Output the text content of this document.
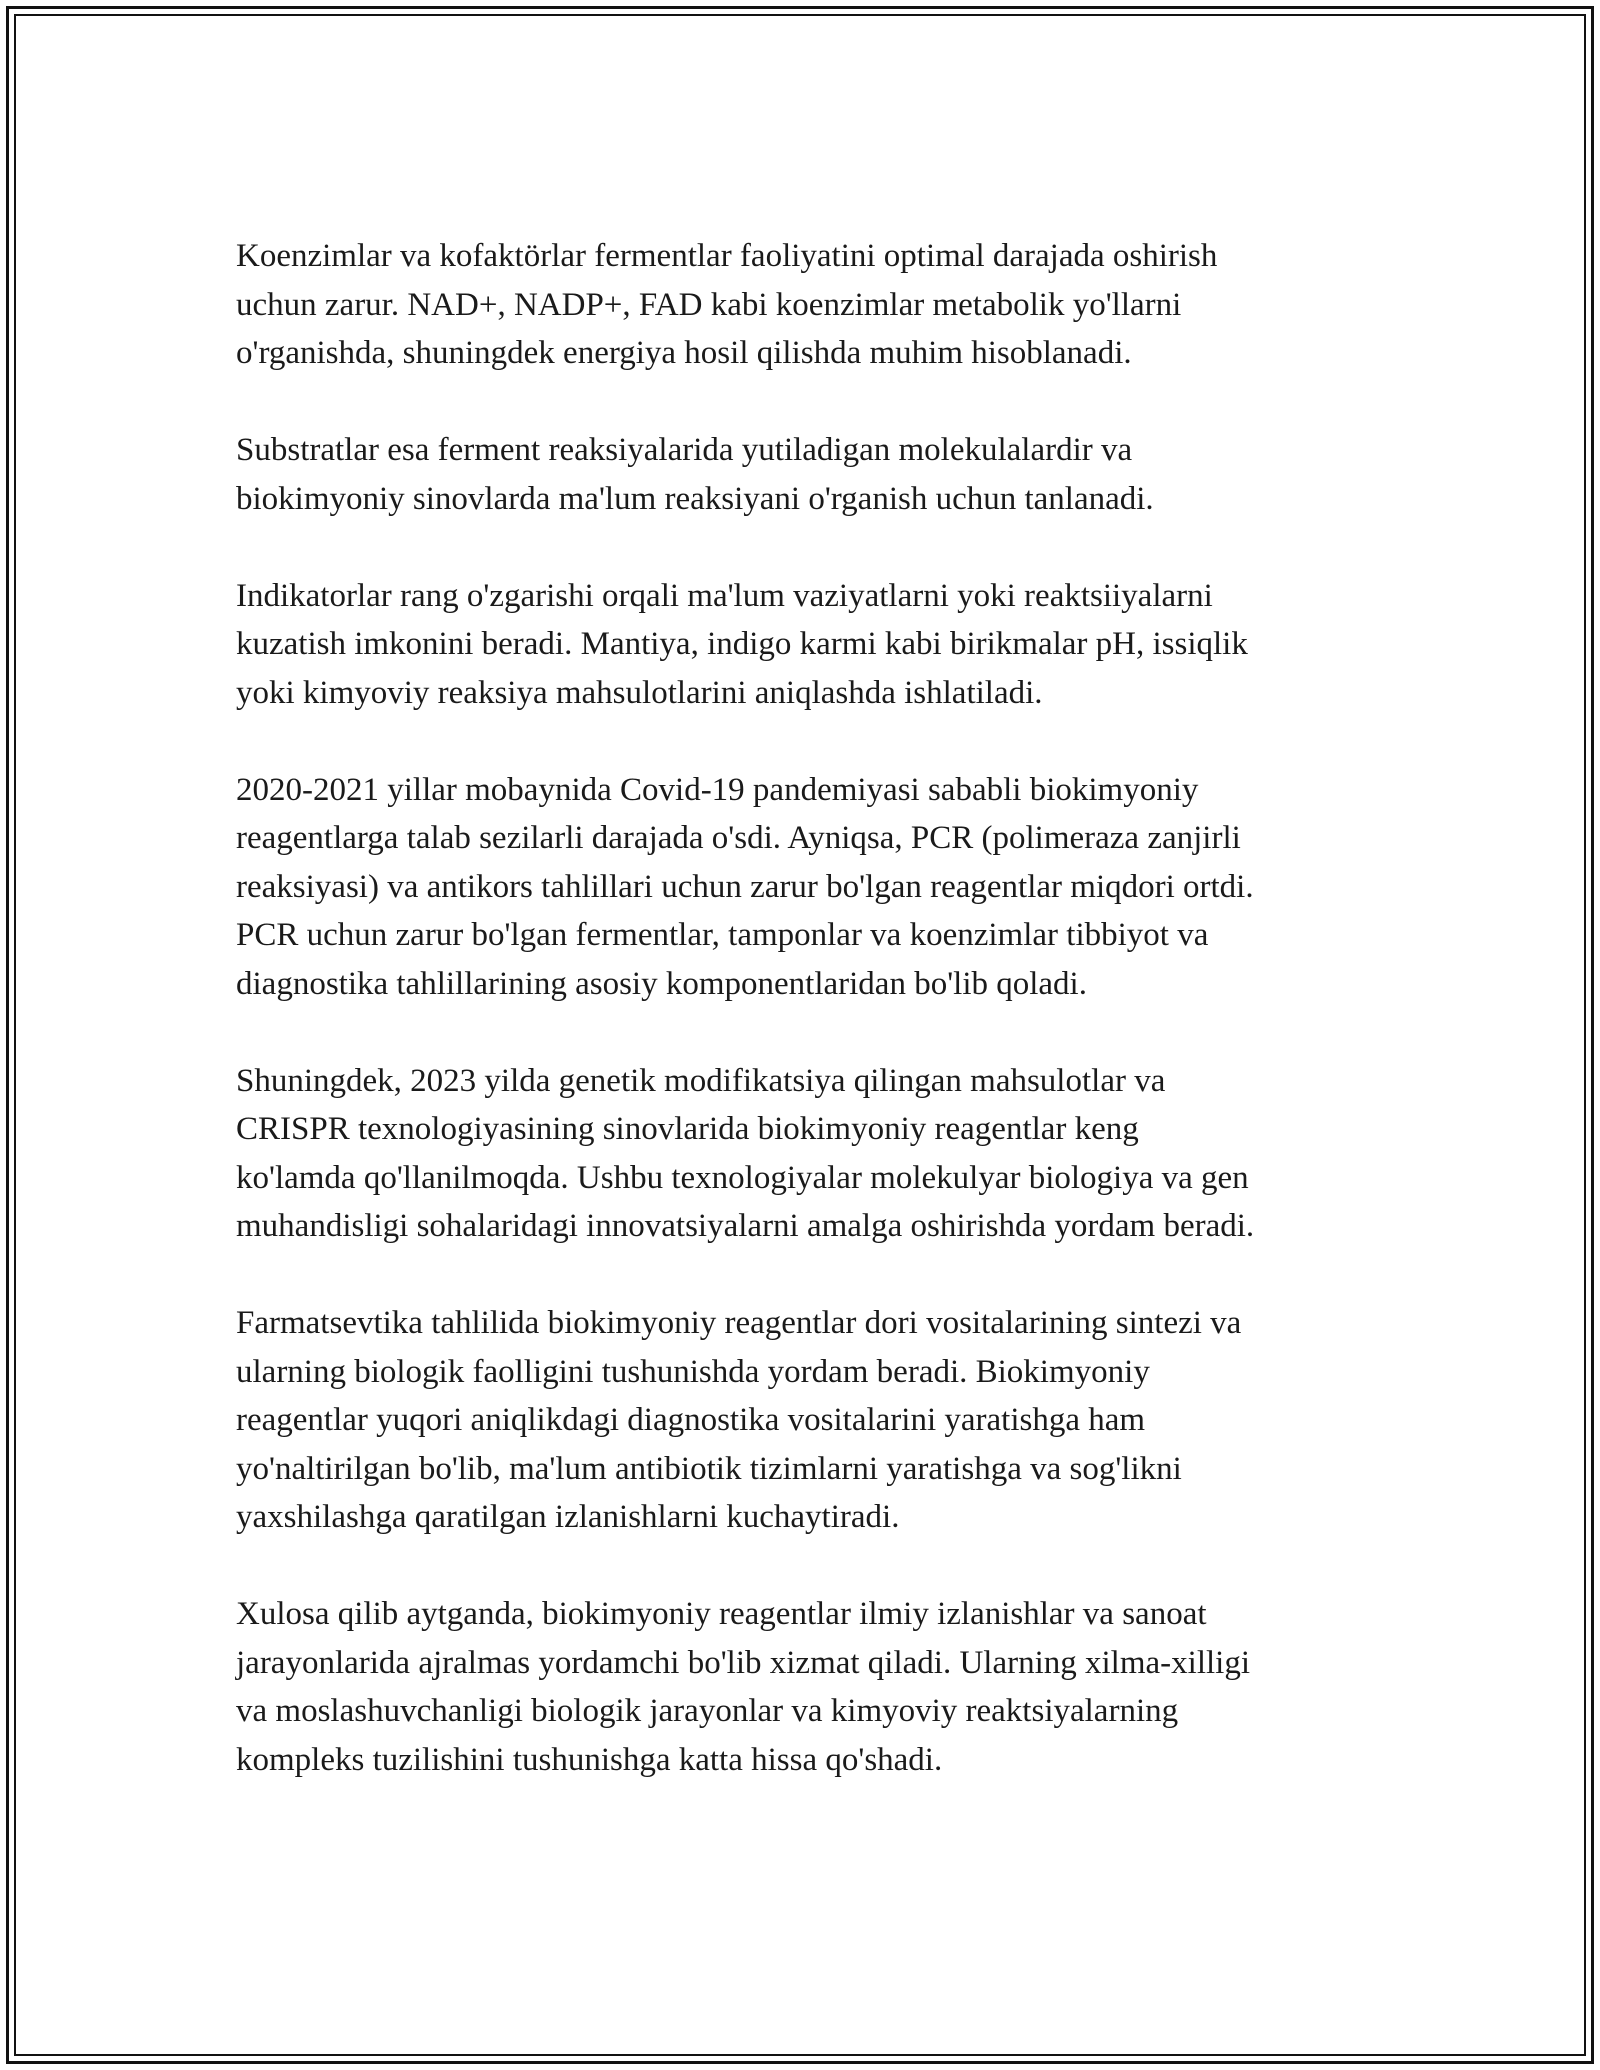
Koenzimlar va kofaktörlar fermentlar faoliyatini optimal darajada oshirish
uchun zarur. NAD+, NADP+, FAD kabi koenzimlar metabolik yo'llarni
o'rganishda, shuningdek energiya hosil qilishda muhim hisoblanadi.

Substratlar esa ferment reaksiyalarida yutiladigan molekulalardir va
biokimyoniy sinovlarda ma'lum reaksiyani o'rganish uchun tanlanadi.

Indikatorlar rang o'zgarishi orqali ma'lum vaziyatlarni yoki reaktsiiyalarni
kuzatish imkonini beradi. Mantiya, indigo karmi kabi birikmalar pH, issiqlik
yoki kimyoviy reaksiya mahsulotlarini aniqlashda ishlatiladi.

2020-2021 yillar mobaynida Covid-19 pandemiyasi sababli biokimyoniy
reagentlarga talab sezilarli darajada o'sdi. Ayniqsa, PCR (polimeraza zanjirli
reaksiyasi) va antikors tahlillari uchun zarur bo'lgan reagentlar miqdori ortdi.
PCR uchun zarur bo'lgan fermentlar, tamponlar va koenzimlar tibbiyot va
diagnostika tahlillarining asosiy komponentlaridan bo'lib qoladi.

Shuningdek, 2023 yilda genetik modifikatsiya qilingan mahsulotlar va
CRISPR texnologiyasining sinovlarida biokimyoniy reagentlar keng
ko'lamda qo'llanilmoqda. Ushbu texnologiyalar molekulyar biologiya va gen
muhandisligi sohalaridagi innovatsiyalarni amalga oshirishda yordam beradi.

Farmatsevtika tahlilida biokimyoniy reagentlar dori vositalarining sintezi va
ularning biologik faolligini tushunishda yordam beradi. Biokimyoniy
reagentlar yuqori aniqlikdagi diagnostika vositalarini yaratishga ham
yo'naltirilgan bo'lib, ma'lum antibiotik tizimlarni yaratishga va sog'likni
yaxshilashga qaratilgan izlanishlarni kuchaytiradi.

Xulosa qilib aytganda, biokimyoniy reagentlar ilmiy izlanishlar va sanoat
jarayonlarida ajralmas yordamchi bo'lib xizmat qiladi. Ularning xilma-xilligi
va moslashuvchanligi biologik jarayonlar va kimyoviy reaktsiyalarning
kompleks tuzilishini tushunishga katta hissa qo'shadi.
